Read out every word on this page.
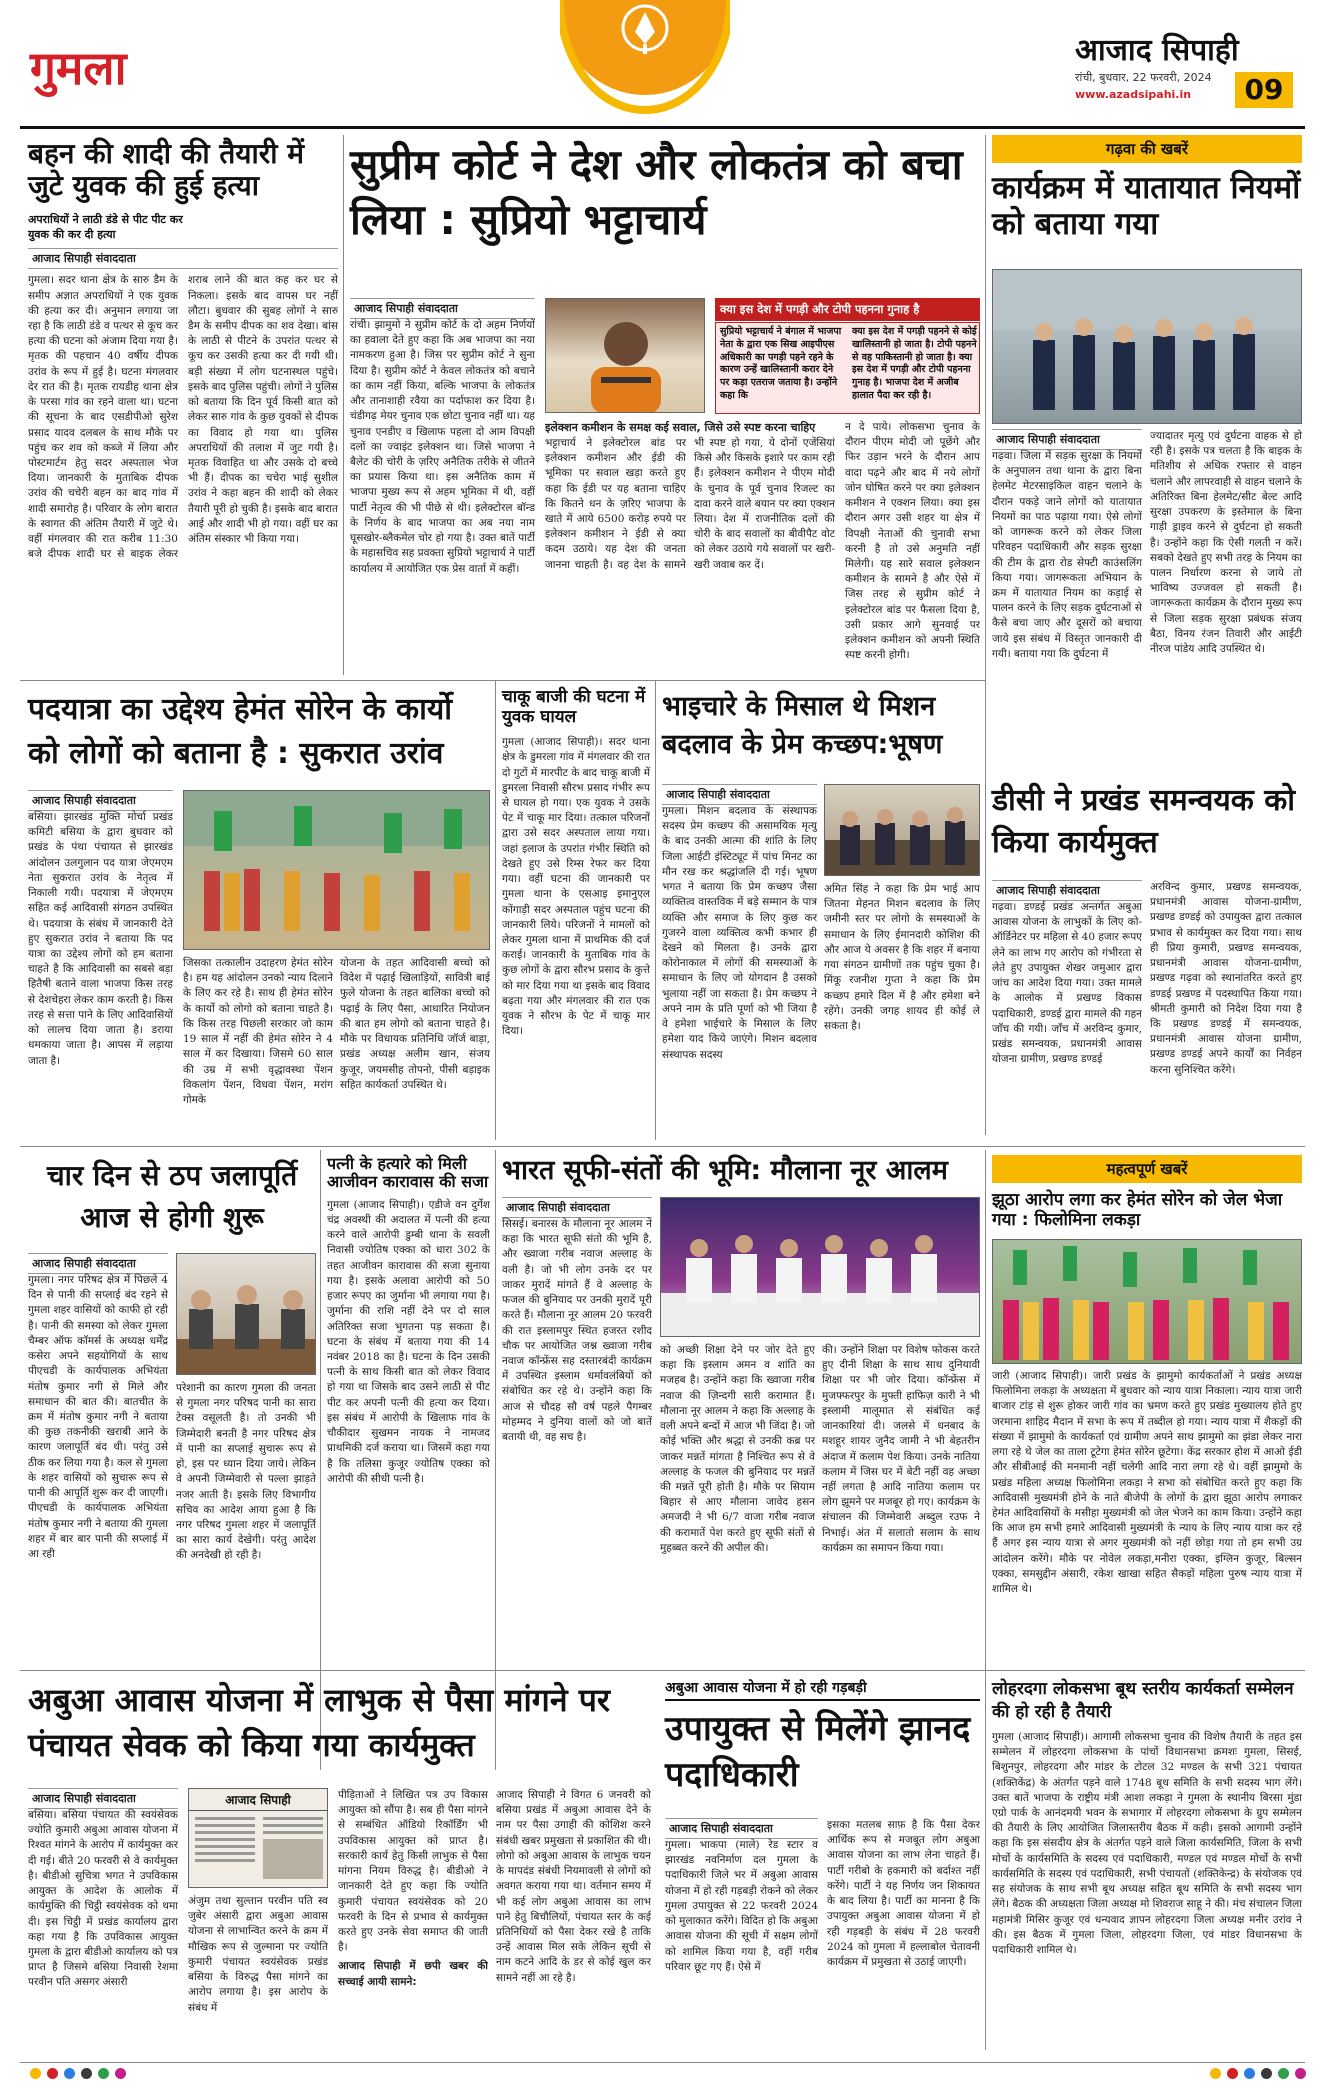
गुमला	आजाद सिपाही
रांची, बुधवार, 22 फरवरी, 2024
www.azadsipahi.in	09
बहन की शादी की तैयारी में जुटे युवक की हुई हत्या
अपराधियों ने लाठी डंडे से पीट पीट कर युवक की कर दी हत्या
आजाद सिपाही संवाददाता
गुमला। सदर थाना क्षेत्र के सारु डैम के समीप अज्ञात अपराधियों ने एक युवक की हत्या कर दी। अनुमान लगाया जा रहा है कि लाठी डंडे व पत्थर से कूच कर हत्या की घटना को अंजाम दिया गया है। मृतक की पहचान 40 वर्षीय दीपक उरांव के रूप में हुई है। घटना मंगलवार देर रात की है। मृतक रायडीह थाना क्षेत्र के परसा गांव का रहने वाला था। घटना की सूचना के बाद एसडीपीओ सुरेश प्रसाद यादव दलबल के साथ मौके पर पहुंच कर शव को कब्जे में लिया और पोस्टमार्टम हेतु सदर अस्पताल भेज दिया। जानकारी के मुताबिक दीपक उरांव की चचेरी बहन का बाद गांव में शादी समारोह है। परिवार के लोग बारात के स्वागत की अंतिम तैयारी में जुटे थे। वहीं मंगलवार की रात करीब 11:30 बजे दीपक शादी घर से बाइक लेकर शराब लाने की बात कह कर घर से निकला। इसके बाद वापस घर नहीं लौटा। बुधवार की सुबह लोगों ने सारु डैम के समीप दीपक का शव देखा। बांस के लाठी से पीटने के उपरांत पत्थर से कूच कर उसकी हत्या कर दी गयी थी। बड़ी संख्या में लोग घटनास्थल पहुंचे। इसके बाद पुलिस पहुंची। लोगों ने पुलिस को बताया कि दिन पूर्व किसी बात को लेकर सारु गांव के कुछ युवकों से दीपक का विवाद हो गया था। पुलिस अपराधियों की तलाश में जुट गयी है। मृतक विवाहित था और उसके दो बच्चे भी हैं। दीपक का चचेरा भाई सुशील उरांव ने कहा बहन की शादी को लेकर तैयारी पूरी हो चुकी है। इसके बाद बारात आई और शादी भी हो गया। वहीं घर का अंतिम संस्कार भी किया गया।
सुप्रीम कोर्ट ने देश और लोकतंत्र को बचा लिया : सुप्रियो भट्टाचार्य
आजाद सिपाही संवाददाता
रांची। झामुमो ने सुप्रीम कोर्ट के दो अहम निर्णयों का हवाला देते हुए कहा कि अब भाजपा का नया नामकरण हुआ है। जिस पर सुप्रीम कोर्ट ने सुना दिया है। सुप्रीम कोर्ट ने केवल लोकतंत्र को बचाने का काम नहीं किया, बल्कि भाजपा के लोकतंत्र और तानाशाही रवैया का पर्दाफाश कर दिया है। चंडीगढ़ मेयर चुनाव एक छोटा चुनाव नहीं था। यह चुनाव एनडीए व खिलाफ पहला दो आम विपक्षी दलों का ज्वाइंट इलेक्शन था। जिसे भाजपा ने बैलेट की चोरी के ज़रिए अनैतिक तरीके से जीतने का प्रयास किया था। इस अनैतिक काम में भाजपा मुख्य रूप से अहम भूमिका में थी, वहीं पार्टी नेतृत्व की भी पीछे से थी। इलेक्टोरल बॉन्ड के निर्णय के बाद भाजपा का अब नया नाम घूसखोर-ब्लैकमेल चोर हो गया है। उक्त बातें पार्टी के महासचिव सह प्रवक्ता सुप्रियो भट्टाचार्य ने पार्टी कार्यालय में आयोजित एक प्रेस वार्ता में कहीं।
क्या इस देश में पगड़ी और टोपी पहनना गुनाह है
सुप्रियो भट्टाचार्य ने बंगाल में भाजपा नेता के द्वारा एक सिख आइपीएस अधिकारी का पगड़ी पहने रहने के कारण उन्हें खालिस्तानी करार देने पर कड़ा एतराज जताया है। उन्होंने कहा कि
क्या इस देश में पगड़ी पहनने से कोई खालिस्तानी हो जाता है। टोपी पहनने से वह पाकिस्तानी हो जाता है। क्या इस देश में पगड़ी और टोपी पहनना गुनाह है। भाजपा देश में अजीब हालात पैदा कर रही है।
इलेक्शन कमीशन के समक्ष कई सवाल, जिसे उसे स्पष्ट करना चाहिए
भट्टाचार्य ने इलेक्टोरल बांड पर इलेक्शन कमीशन और ईडी की भूमिका पर सवाल खड़ा करते हुए कहा कि ईडी पर यह बताना चाहिए कि कितने धन के ज़रिए भाजपा के खाते में आये 6500 करोड़ रुपये पर इलेक्शन कमीशन ने ईडी से क्या कदम उठाये। यह देश की जनता जानना चाहती है। वह देश के सामने भी स्पष्ट हो गया, ये दोनों एजेंसियां किसे और किसके इशारे पर काम रही हैं। इलेक्शन कमीशन ने पीएम मोदी के चुनाव के पूर्व चुनाव रिजल्ट का दावा करने वाले बयान पर क्या एक्शन लिया। देश में राजनीतिक दलों की चोरी के बाद सवालों का बीवीपैट वोट को लेकर उठाये गये सवालों पर खरी-खरी जवाब कर दें।
न दे पाये। लोकसभा चुनाव के दौरान पीएम मोदी जो पूछेंगे और फिर उड़ान भरने के दौरान आप वादा पढ़ने और बाद में नये लोगों जोन घोषित करने पर क्या इलेक्शन कमीशन ने एक्शन लिया। क्या इस दौरान अगर उसी शहर या क्षेत्र में विपक्षी नेताओं की चुनावी सभा करनी है तो उसे अनुमति नहीं मिलेगी। यह सारे सवाल इलेक्शन कमीशन के सामने है और ऐसे में जिस तरह से सुप्रीम कोर्ट ने इलेक्टोरल बांड पर फैसला दिया है, उसी प्रकार आगे सुनवाई पर इलेक्शन कमीशन को अपनी स्थिति स्पष्ट करनी होगी।
गढ़वा की खबरें
कार्यक्रम में यातायात नियमों को बताया गया
आजाद सिपाही संवाददाता
गढ़वा। जिला में सड़क सुरक्षा के नियमों के अनुपालन तथा थाना के द्वारा बिना हेलमेट मेटरसाइकिल वाहन चलाने के दौरान पकड़े जाने लोगों को यातायात नियमों का पाठ पढ़ाया गया। ऐसे लोगों को जागरूक करने को लेकर जिला परिवहन पदाधिकारी और सड़क सुरक्षा की टीम के द्वारा रोड सेफ्टी काउंसलिंग किया गया। जागरूकता अभियान के क्रम में यातायात नियम का कड़ाई से पालन करने के लिए सड़क दुर्घटनाओं से कैसे बचा जाए और दूसरों को बचाया जाये इस संबंध में विस्तृत जानकारी दी गयी। बताया गया कि दुर्घटना में
ज्यादातर मृत्यु एवं दुर्घटना वाहक से हो रही है। इसके पत्र चलता है कि बाइक के मतिशीय से अधिक रफ्तार से वाहन चलाने और लापरवाही से वाहन चलाने के अतिरिक्त बिना हेलमेट/सीट बेल्ट आदि सुरक्षा उपकरण के इस्तेमाल के बिना गाड़ी ड्राइव करने से दुर्घटना हो सकती है। उन्होंने कहा कि ऐसी गलती न करें। सबको देखते हुए सभी तरह के नियम का पालन निर्धारण करना से जाये तो भाविष्य उज्जवल हो सकती है। जागरूकता कार्यक्रम के दौरान मुख्य रूप से जिला सड़क सुरक्षा प्रबंधक संजय बैठा, विनय रंजन तिवारी और आईटी नीरज पांडेय आदि उपस्थित थे।
पदयात्रा का उद्देश्य हेमंत सोरेन के कार्यो को लोगों को बताना है : सुकरात उरांव
आजाद सिपाही संवाददाता
बसिया। झारखंड मुक्ति मोर्चा प्रखंड कमिटी बसिया के द्वारा बुधवार को प्रखंड के पंथा पंचायत से झारखंड आंदोलन उलगुलान पद यात्रा जेएमएम नेता सुकरात उरांव के नेतृत्व में निकाली गयी। पदयात्रा में जेएमएम सहित कई आदिवासी संगठन उपस्थित थे। पदयात्रा के संबंध में जानकारी देते हुए सुकरात उरांव ने बताया कि पद यात्रा का उद्देश्य लोगों को हम बताना चाहते है कि आदिवासी का सबसे बड़ा हितैषी बताने वाला भाजपा किस तरह से देशचेहरा लेकर काम करती है। किस तरह से सत्ता पाने के लिए आदिवासियों को लालच दिया जाता है। डराया धमकाया जाता है। आपस में लड़ाया जाता है।
जिसका तत्कालीन उदाहरण हेमंत सोरेन है। हम यह आंदोलन उनको न्याय दिलाने के लिए कर रहे है। साथ ही हेमंत सोरेन के कार्यो को लोगो को बताना चाहते है। कि किस तरह पिछली सरकार जो काम 19 साल में नहीं की हेमंत सोरेन ने 4 साल में कर दिखाया। जिसमे 60 साल की उम्र में सभी वृद्धावस्था पेंशन विकलांग पेंशन, विधवा पेंशन, मरांग गोमके
योजना के तहत आदिवासी बच्चो को विदेश में पढ़ाई खिलाड़ियों, सावित्री बाई फुले योजना के तहत बालिका बच्चो को पढ़ाई के लिए पैसा, आधारित नियोजन की बात हम लोगो को बताना चाहते है। मौके पर विधायक प्रतिनिधि जॉर्ज बाड़ा, प्रखंड अध्यक्ष अलीम खान, संजय कुजूर, जयमसीह तोपनो, पीसी बड़ाइक सहित कार्यकर्ता उपस्थित थे।
चाकू बाजी की घटना में युवक घायल
गुमला (आजाद सिपाही)। सदर थाना क्षेत्र के डुमरला गांव में मंगलवार की रात दो गुटों में मारपीट के बाद चाकू बाजी में डुमरला निवासी सौरभ प्रसाद गंभीर रूप से घायल हो गया। एक युवक ने उसके पेट में चाकू मार दिया। तत्काल परिजनों द्वारा उसे सदर अस्पताल लाया गया। जहां इलाज के उपरांत गंभीर स्थिति को देखते हुए उसे रिम्स रेफर कर दिया गया। वहीं घटना की जानकारी पर गुमला थाना के एसआइ इमानुएल कोंगाड़ी सदर अस्पताल पहुंच घटना की जानकारी लिये। परिजनों ने मामलों को लेकर गुमला थाना में प्राथमिक की दर्ज कराई। जानकारी के मुताबिक गांव के कुछ लोगों के द्वारा सौरभ प्रसाद के कुत्ते को मार दिया गया था इसके बाद विवाद बढ़ता गया और मंगलवार की रात एक युवक ने सौरभ के पेट में चाकू मार दिया।
भाइचारे के मिसाल थे मिशन बदलाव के प्रेम कच्छप:भूषण
आजाद सिपाही संवाददाता
गुमला। मिशन बदलाव के संस्थापक सदस्य प्रेम कच्छप की असामयिक मृत्यु के बाद उनकी आत्मा की शांति के लिए जिला आईटी इंस्टिट्यूट में पांच मिनट का मौन रख कर श्रद्धांजलि दी गई। भूषण भगत ने बताया कि प्रेम कच्छप जैसा व्यक्तित्व वास्तविक में बड़े सम्मान के पात्र व्यक्ति और समाज के लिए कुछ कर गुजरने वाला व्यक्तित्व कभी कभार ही देखने को मिलता है। उनके द्वारा कोरोनाकाल में लोगों की समस्याओं के समाधान के लिए जो योगदान है उसको भुलाया नहीं जा सकता है। प्रेम कच्छप ने अपने नाम के प्रति पूर्णा को भी जिया है वे हमेशा भाईचारे के मिसाल के लिए हमेशा याद किये जाएंगे। मिशन बदलाव संस्थापक सदस्य
अमित सिंह ने कहा कि प्रेम भाई आप जितना मेहनत मिशन बदलाव के लिए जमीनी स्तर पर लोगो के समस्याओं के समाधान के लिए ईमानदारी कोशिश की और आज ये अवसर है कि शहर में बनाया गया संगठन ग्रामीणों तक पहुंच चुका है। मिंकू रजनीश गुप्ता ने कहा कि प्रेम कच्छप हमारे दिल में है और हमेशा बने रहेंगे। उनकी जगह शायद ही कोई ले सकता है।
डीसी ने प्रखंड समन्वयक को किया कार्यमुक्त
आजाद सिपाही संवाददाता
गढ़वा। डण्डई प्रखंड अन्तर्गत अबुआ आवास योजना के लाभुकों के लिए को-ऑर्डिनेटर पर महिला से 40 हजार रूपए लेने का लाभ गए आरोप को गंभीरता से लेते हुए उपायुक्त शेखर जमुआर द्वारा जांच का आदेश दिया गया। उक्त मामले के आलोक में प्रखण्ड विकास पदाधिकारी, डण्डई द्वारा मामले की गहन जाँच की गयी। जाँच में अरविन्द कुमार, प्रखंड समन्वयक, प्रधानमंत्री आवास योजना ग्रामीण, प्रखण्ड डण्डई
अरविन्द कुमार, प्रखण्ड समन्वयक, प्रधानमंत्री आवास योजना-ग्रामीण, प्रखण्ड डण्डई को उपायुक्त द्वारा तत्काल प्रभाव से कार्यमुक्त कर दिया गया। साथ ही प्रिया कुमारी, प्रखण्ड समन्वयक, प्रधानमंत्री आवास योजना-ग्रामीण, प्रखण्ड गढ़वा को स्थानांतरित करते हुए डण्डई प्रखण्ड में पदस्थापित किया गया। श्रीमती कुमारी को निदेश दिया गया है कि प्रखण्ड डण्डई में समन्वयक, प्रधानमंत्री आवास योजना ग्रामीण, प्रखण्ड डण्डई अपने कार्यों का निर्वहन करना सुनिश्चित करेंगे।
चार दिन से ठप जलापूर्ति आज से होगी शुरू
आजाद सिपाही संवाददाता
गुमला। नगर परिषद क्षेत्र में पिछले 4 दिन से पानी की सप्लाई बंद रहने से गुमला शहर वासियों को काफी हो रही है। पानी की समस्या को लेकर गुमला चैम्बर ऑफ कॉमर्स के अध्यक्ष धर्मेंद्र कसेरा अपने सहयोगियों के साथ पीएचडी के कार्यपालक अभियंता मंतोष कुमार नगी से मिले और समाधान की बात की। बातचीत के क्रम में मंतोष कुमार नगी ने बताया की कुछ तकनीकी खराबी आने के कारण जलापूर्ति बंद थी। परंतु उसे ठीक कर लिया गया है। कल से गुमला के शहर वासियों को सुचारू रूप से पानी की आपूर्ति शुरू कर दी जाएगी। पीएचडी के कार्यपालक अभियंता मंतोष कुमार नगी ने बताया की गुमला शहर में बार बार पानी की सप्लाई में आ रही
परेशानी का कारण गुमला की जनता से गुमला नगर परिषद पानी का सारा टेक्स वसूलती है। तो उनकी भी जिम्मेदारी बनती है नगर परिषद क्षेत्र में पानी का सप्लाई सुचारू रूप से हो, इस पर ध्यान दिया जाये। लेकिन वे अपनी जिम्मेवारी से पल्ला झाड़ते नजर आती है। इसके लिए विभागीय सचिव का आदेश आया हुआ है कि नगर परिषद गुमला शहर में जलापूर्ति का सारा कार्य देखेगी। परंतु आदेश की अनदेखी हो रही है।
पत्नी के हत्यारे को मिली आजीवन कारावास की सजा
गुमला (आजाद सिपाही)। एडीजे वन दुर्गेश चंद्र अवस्थी की अदालत में पत्नी की हत्या करने वाले आरोपी डुम्बी थाना के सवली निवासी ज्योतिष एक्का को धारा 302 के तहत आजीवन कारावास की सजा सुनाया गया है। इसके अलावा आरोपी को 50 हजार रूपए का जुर्माना भी लगाया गया है। जुर्माना की राशि नहीं देने पर दो साल अतिरिक्त सजा भुगतना पड़ सकता है। घटना के संबंध में बताया गया की 14 नवंबर 2018 का है। घटना के दिन उसकी पत्नी के साथ किसी बात को लेकर विवाद हो गया था जिसके बाद उसने लाठी से पीट पीट कर अपनी पत्नी की हत्या कर दिया। इस संबंध में आरोपी के खिलाफ गांव के चौकीदार सुखमन नायक ने नामजद प्राथमिकी दर्ज कराया था। जिसमें कहा गया है कि तलिसा कुजूर ज्योतिष एक्का को आरोपी की सीधी पत्नी है।
भारत सूफी-संतों की भूमि: मौलाना नूर आलम
आजाद सिपाही संवाददाता
सिसई। बनारस के मौलाना नूर आलम ने कहा कि भारत सूफी संतो की भूमि है, और ख्वाजा गरीब नवाज अल्लाह के वली है। जो भी लोग उनके दर पर जाकर मुरादें मांगते हैं वे अल्लाह के फजल की बुनियाद पर उनकी मुरादें पूरी करते हैं। मौलाना नूर आलम 20 फरवरी की रात इस्लामपुर स्थित हजरत रशीद चौक पर आयोजित जश्न ख्वाजा गरीब नवाज कॉन्फ्रेंस सह दस्तारबंदी कार्यक्रम में उपस्थित इस्लाम धर्मावलंबियों को संबोधित कर रहे थे। उन्होंने कहा कि आज से चौदह सौ वर्ष पहले पैगम्बर मोहम्मद ने दुनिया वालों को जो बातें बतायी थी, वह सच है।
को अच्छी शिक्षा देने पर जोर देते हुए कहा कि इस्लाम अमन व शांति का मजहब है। उन्होंने कहा कि ख्वाजा गरीब नवाज की ज़िन्दगी सारी करामात हैं। मौलाना नूर आलम ने कहा कि अल्लाह के वली अपने बन्दों में आज भी जिंदा है। जो कोई भक्ति और श्रद्धा से उनकी कब्र पर जाकर मन्नतें मांगता है निश्चित रूप से वे अल्लाह के फजल की बुनियाद पर मन्नतें की मन्नतें पूरी होती है। मौके पर सियाम बिहार से आए मौलाना जावेद हसन अमजदी ने भी 6/7 वाजा गरीब नवाज की करामातें पेश करते हुए सूफी संतों से मुहब्बत करने की अपील की।
की। उन्होंने शिक्षा पर विशेष फोकस करते हुए दीनी शिक्षा के साथ साथ दुनियावी शिक्षा पर भी जोर दिया। कॉन्फ्रेंस में मुजफ्फरपुर के मुफ्ती हाफिज़ कारी ने भी इस्लामी मालूमात से संबंधित कई जानकारियां दी। जलसे में धनबाद के मशहूर शायर जुनैद जामी ने भी बेहतरीन अंदाज में कलाम पेश किया। उनके नातिया कलाम में जिस घर में बेटी नहीं वह अच्छा नहीं लगता है आदि नातिया कलाम पर लोग झूमने पर मजबूर हो गए। कार्यक्रम के संचालन की जिम्मेवारी अब्दुल रउफ ने निभाई। अंत में सलातो सलाम के साथ कार्यक्रम का समापन किया गया।
महत्वपूर्ण खबरें
झूठा आरोप लगा कर हेमंत सोरेन को जेल भेजा गया : फिलोमिना लकड़ा
जारी (आजाद सिपाही)। जारी प्रखंड के झामुमो कार्यकर्ताओं ने प्रखंड अध्यक्ष फिलोमिना लकड़ा के अध्यक्षता में बुधवार को न्याय यात्रा निकाला। न्याय यात्रा जारी बाजार टांड़ से शुरू होकर जारी गांव का भ्रमण करते हुए प्रखंड मुख्यालय होते हुए जरमाना शाहिद मैदान में सभा के रूप में तब्दील हो गया। न्याय यात्रा में शैकड़ों की संख्या में झामुमो के कार्यकर्ता एवं ग्रामीण अपने साथ झामुमो का झंडा लेकर नारा लगा रहे थे जेल का ताला टूटेगा हेमंत सोरेन छूटेगा। केंद्र सरकार होश में आओ ईडी और सीबीआई की मनमानी नहीं चलेगी आदि नारा लगा रहे थे। वहीं झामुमो के प्रखंड महिला अध्यक्ष फिलोमिना लकड़ा ने सभा को संबोधित करते हुए कहा कि आदिवासी मुख्यमंत्री होने के नाते बीजेपी के लोगों के द्वारा झूठा आरोप लगाकर हेमंत आदिवासियों के मसीहा मुख्यमंत्री को जेल भेजने का काम किया। उन्होंने कहा कि आज हम सभी हमारे आदिवासी मुख्यमंत्री के न्याय के लिए न्याय यात्रा कर रहे हैं अगर इस न्याय यात्रा से अगर मुख्यमंत्री को नहीं छोड़ा गया तो हम सभी उग्र आंदोलन करेंगे। मौके पर नोवेल लकड़ा,मनीरा एक्का, इग्लिन कुजूर, बिल्सन एक्का, समसुद्दीन अंसारी, रकेश खाखा सहित सैकड़ों महिला पुरुष न्याय यात्रा में शामिल थे।
अबुआ आवास योजना में लाभुक से पैसा मांगने पर पंचायत सेवक को किया गया कार्यमुक्त
आजाद सिपाही संवाददाता
बसिया। बसिया पंचायत की स्वयंसेवक ज्योति कुमारी अबुआ आवास योजना में रिश्वत मांगने के आरोप में कार्यमुक्त कर दी गई। बीते 20 फरवरी से वे कार्यमुक्त है। बीडीओ सुचित्रा भगत ने उपविकास आयुक्त के आदेश के आलोक में कार्यमुक्ति की चिट्ठी स्वयंसेवक को थमा दी। इस चिट्ठी में प्रखंड कार्यालय द्वारा कहा गया है कि उपविकास आयुक्त गुमला के द्वारा बीडीओ कार्यालय को पत्र प्राप्त है जिसमे बसिया निवासी रेशमा परवीन पति असगर अंसारी
आजाद सिपाही
अंजुम तथा सुल्तान परवीन पति स्व जुबेर अंसारी द्वारा अबुआ आवास योजना से लाभान्वित करने के क्रम में मौखिक रूप से जुल्माना पर ज्योति कुमारी पंचायत स्वयंसेवक प्रखंड बसिया के विरुद्ध पैसा मांगने का आरोप लगाया है। इस आरोप के संबंध में
पीड़िताओं ने लिखित पत्र उप विकास आयुक्त को सौंपा है। सब ही पैसा मांगने से सम्बंधित ऑडियो रिकॉर्डिंग भी उपविकास आयुक्त को प्राप्त है। सरकारी कार्य हेतु किसी लाभुक से पैसा मांगना नियम विरुद्ध है। बीडीओ ने जानकारी देते हुए कहा कि ज्योति कुमारी पंचायत स्वयंसेवक को 20 फरवरी के दिन से प्रभाव से कार्यमुक्त करते हुए उनके सेवा समाप्त की जाती है।
आजाद सिपाही में छपी खबर की सच्चाई आयी सामने:
आजाद सिपाही ने विगत 6 जनवरी को बसिया प्रखंड में अबुआ आवास देने के नाम पर पैसा उगाही की कोशिश करने संबंधी खबर प्रमुखता से प्रकाशित की थी। लोगो को अबुआ आवास के लाभुक चयन के मापदंड संबंधी नियमावली से लोगों को अवगत कराया गया था। वर्तमान समय में भी कई लोग अबुआ आवास का लाभ पाने हेतु बिचौलियों, पंचायत स्तर के कई प्रतिनिधियों को पैसा देकर रखे है ताकि उन्हें आवास मिल सके लेकिन सूची से नाम कटने आदि के डर से कोई खुल कर सामने नहीं आ रहे है।
अबुआ आवास योजना में हो रही गड़बड़ी
उपायुक्त से मिलेंगे झानद पदाधिकारी
आजाद सिपाही संवाददाता
गुमला। भाकपा (माले) रेड स्टार व झारखंड नवनिर्माण दल गुमला के पदाधिकारी जिले भर में अबुआ आवास योजना में हो रही गड़बड़ी रोकने को लेकर गुमला उपायुक्त से 22 फरवरी 2024 को मुलाकात करेंगे। विदित हो कि अबुआ आवास योजना की सूची में सक्षम लोगों को शामिल किया गया है, वहीं गरीब परिवार छूट गए हैं। ऐसे में
इसका मतलब साफ़ है कि पैसा देकर आर्थिक रूप से मजबूत लोग अबुआ आवास योजना का लाभ लेना चाहते हैं। पार्टी गरीबो के हकमारी को बर्दाश्त नहीं करेंगे। पार्टी ने यह निर्णय जन शिकायत के बाद लिया है। पार्टी का मानना है कि उपायुक्त अबुआ आवास योजना में हो रही गड़बड़ी के संबंध में 28 फरवरी 2024 को गुमला में हल्लाबोल चेतावनी कार्यक्रम में प्रमुखता से उठाई जाएगी।
लोहरदगा लोकसभा बूथ स्तरीय कार्यकर्ता सम्मेलन की हो रही है तैयारी
गुमला (आजाद सिपाही)। आगामी लोकसभा चुनाव की विशेष तैयारी के तहत इस सम्मेलन में लोहरदगा लोकसभा के पांचों विधानसभा क्रमशः गुमला, सिसई, बिशुनपुर, लोहरदगा और मांडर के टोटल 32 मण्डल के सभी 321 पंचायत (शक्तिकेंद्र) के अंतर्गत पड़ने वाले 1748 बूथ समिति के सभी सदस्य भाग लेंगे। उक्त बातें भाजपा के राष्ट्रीय मंत्री आशा लकड़ा ने गुमला के स्थानीय बिरसा मुंडा एग्रो पार्क के आनंदमयी भवन के सभागार में लोहरदगा लोकसभा के ग्रुप सम्मेलन की तैयारी के लिए आयोजित जिलास्तरीय बैठक में कही। इसको आगामी उन्होंने कहा कि इस संसदीय क्षेत्र के अंतर्गत पड़ने वाले जिला कार्यसमिति, जिला के सभी मोर्चो के कार्यसमिति के सदस्य एवं पदाधिकारी, मण्डल एवं मण्डल मोर्चो के सभी कार्यसमिति के सदस्य एवं पदाधिकारी, सभी पंचायतों (शक्तिकेन्द्र) के संयोजक एवं सह संयोजक के साथ सभी बूथ अध्यक्ष सहित बूथ समिति के सभी सदस्य भाग लेंगे। बैठक की अध्यक्षता जिला अध्यक्ष मो शिवराज साहू ने की। मंच संचालन जिला महामंत्री मिसिर कुजूर एवं धन्यवाद ज्ञापन लोहरदगा जिला अध्यक्ष मनीर उरांव ने की। इस बैठक में गुमला जिला, लोहरदगा जिला, एवं मांडर विधानसभा के पदाधिकारी शामिल थे।
